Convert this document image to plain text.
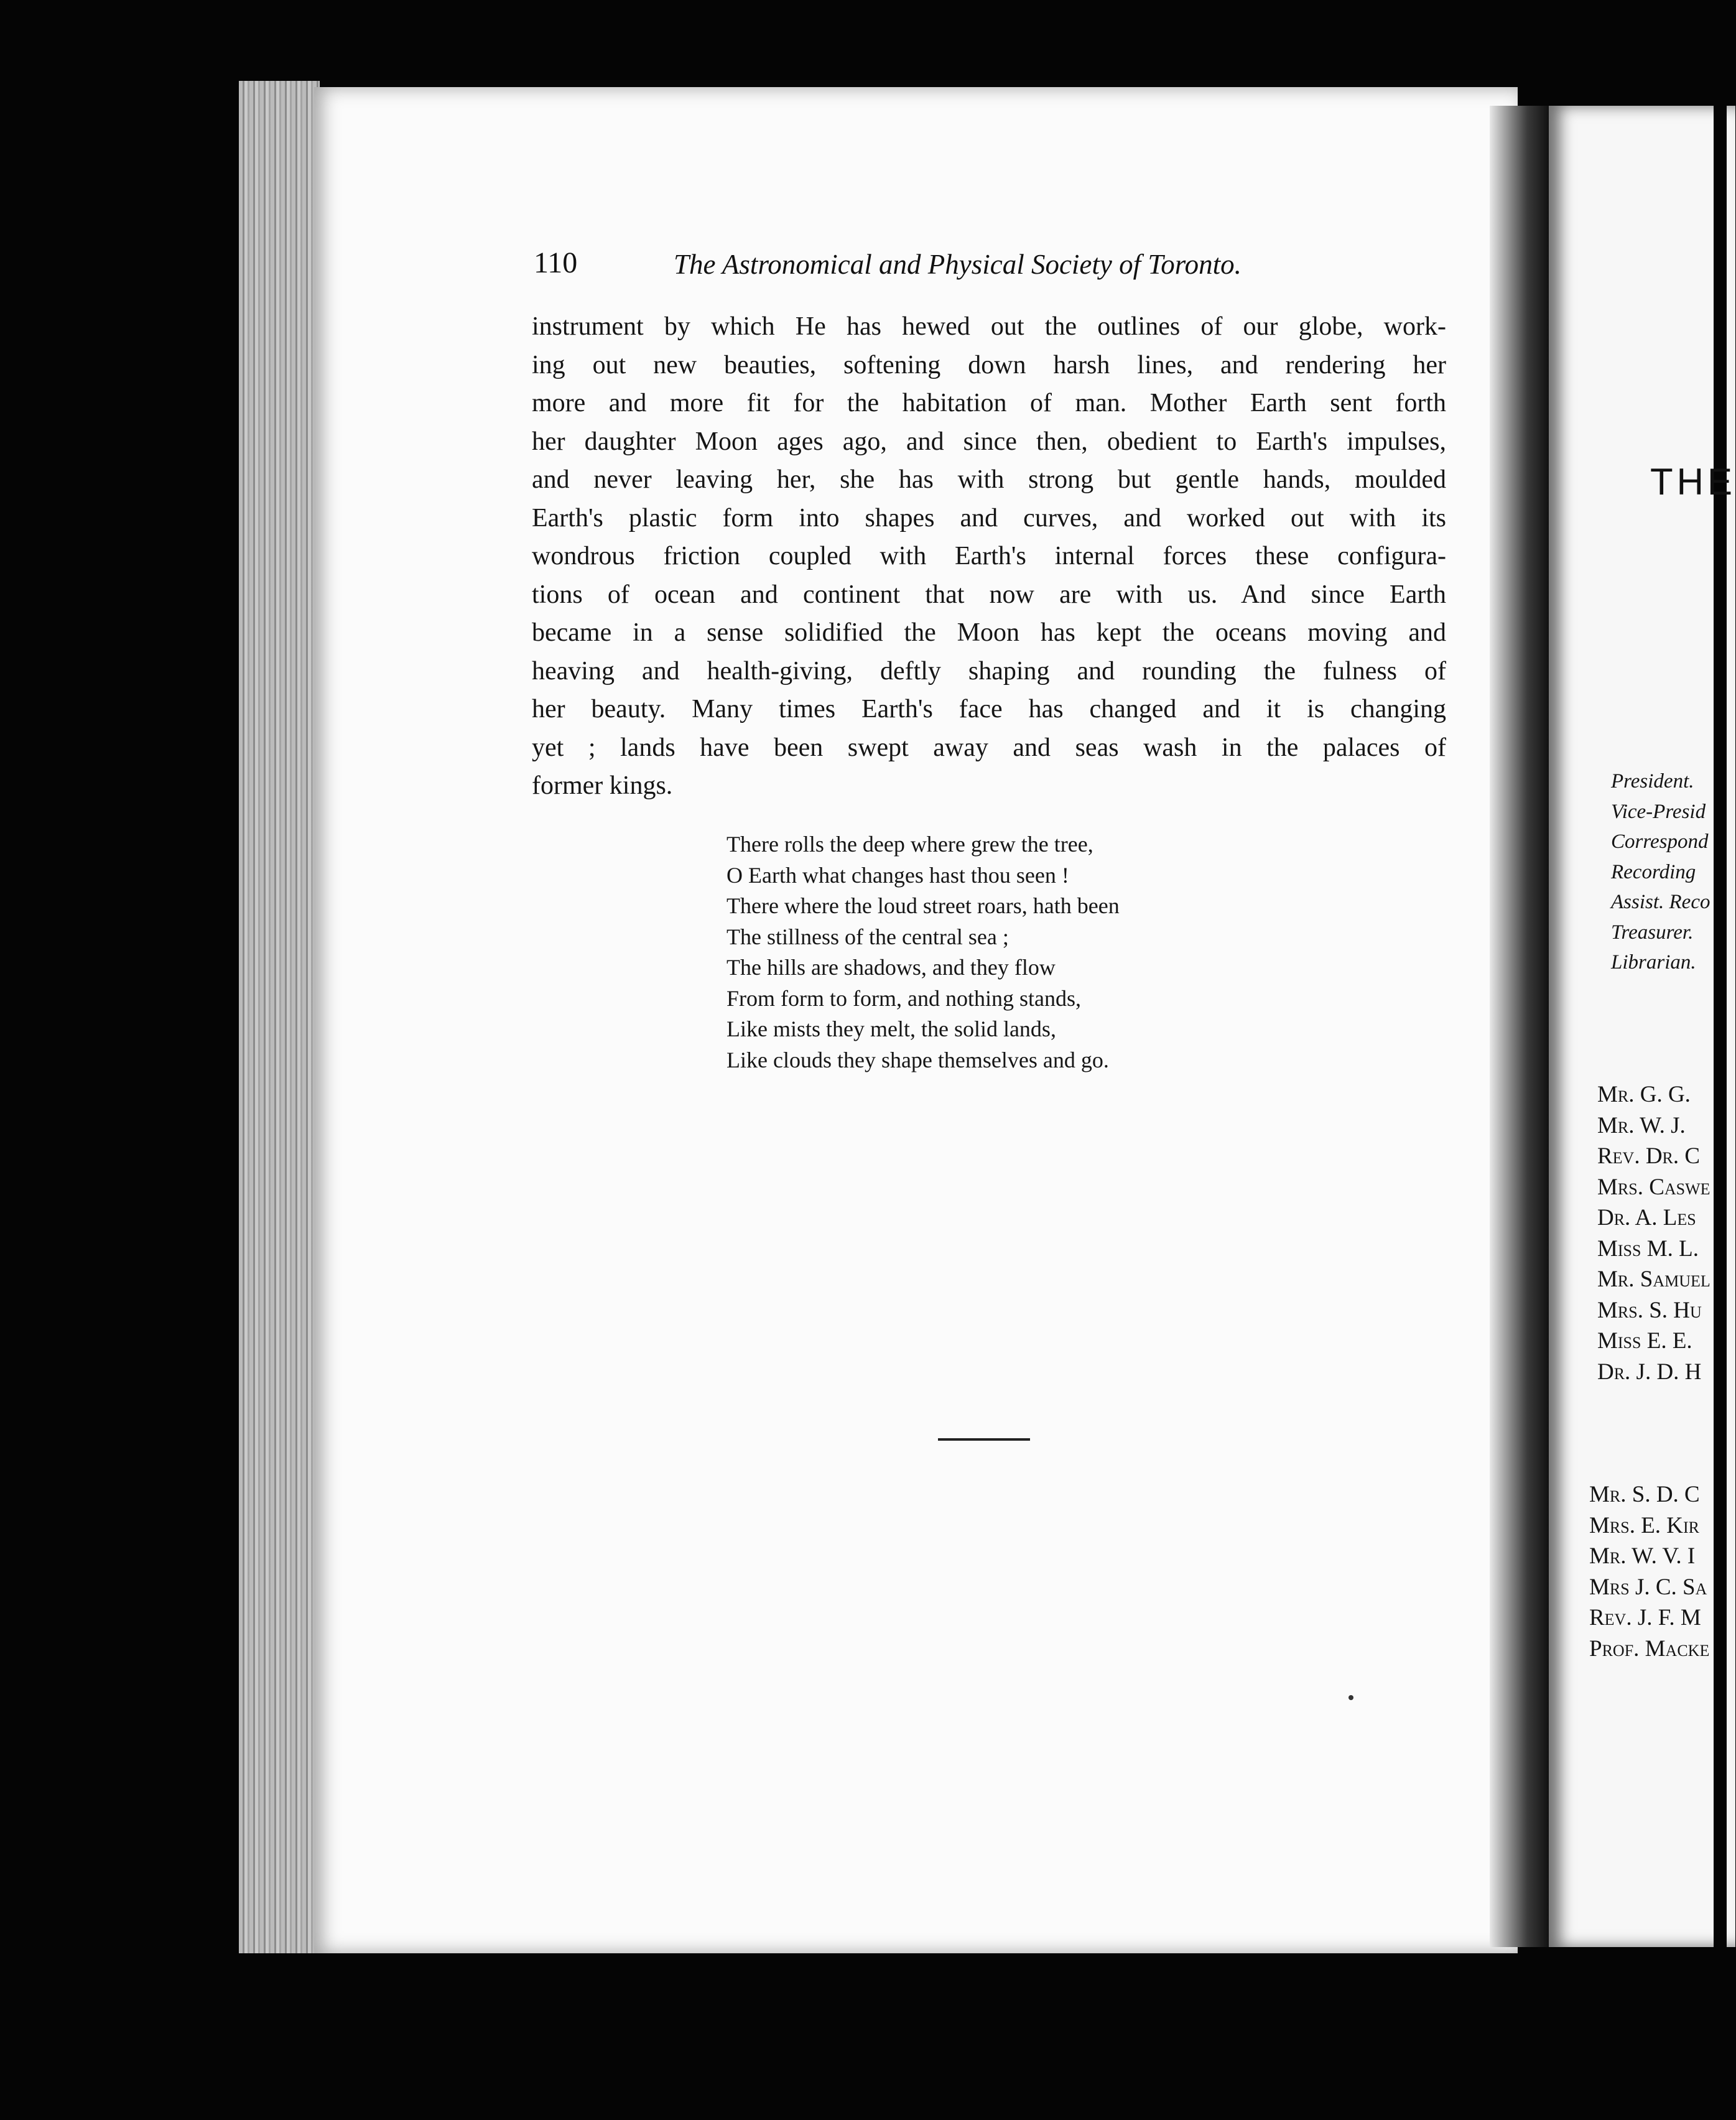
110	The Astronomical and Physical Society of Toronto.
instrument by which He has hewed out the outlines of our globe, work-
ing out new beauties, softening down harsh lines, and rendering her
more and more fit for the habitation of man. Mother Earth sent forth
her daughter Moon ages ago, and since then, obedient to Earth's impulses,
and never leaving her, she has with strong but gentle hands, moulded
Earth's plastic form into shapes and curves, and worked out with its
wondrous friction coupled with Earth's internal forces these configura-
tions of ocean and continent that now are with us. And since Earth
became in a sense solidified the Moon has kept the oceans moving and
heaving and health-giving, deftly shaping and rounding the fulness of
her beauty. Many times Earth's face has changed and it is changing
yet ; lands have been swept away and seas wash in the palaces of
former kings.
There rolls the deep where grew the tree,
O Earth what changes hast thou seen !
There where the loud street roars, hath been
The stillness of the central sea ;
The hills are shadows, and they flow
From form to form, and nothing stands,
Like mists they melt, the solid lands,
Like clouds they shape themselves and go.
THE
President.
Vice-Presid
Correspond
Recording
Assist. Reco
Treasurer.
Librarian.
Mr. G. G.
Mr. W. J.
Rev. Dr. C
Mrs. Caswe
Dr. A. Les
Miss M. L.
Mr. Samuel
Mrs. S. Hu
Miss E. E.
Dr. J. D. H
Mr. S. D. C
Mrs. E. Kir
Mr. W. V. I
Mrs J. C. Sa
Rev. J. F. M
Prof. Macke
